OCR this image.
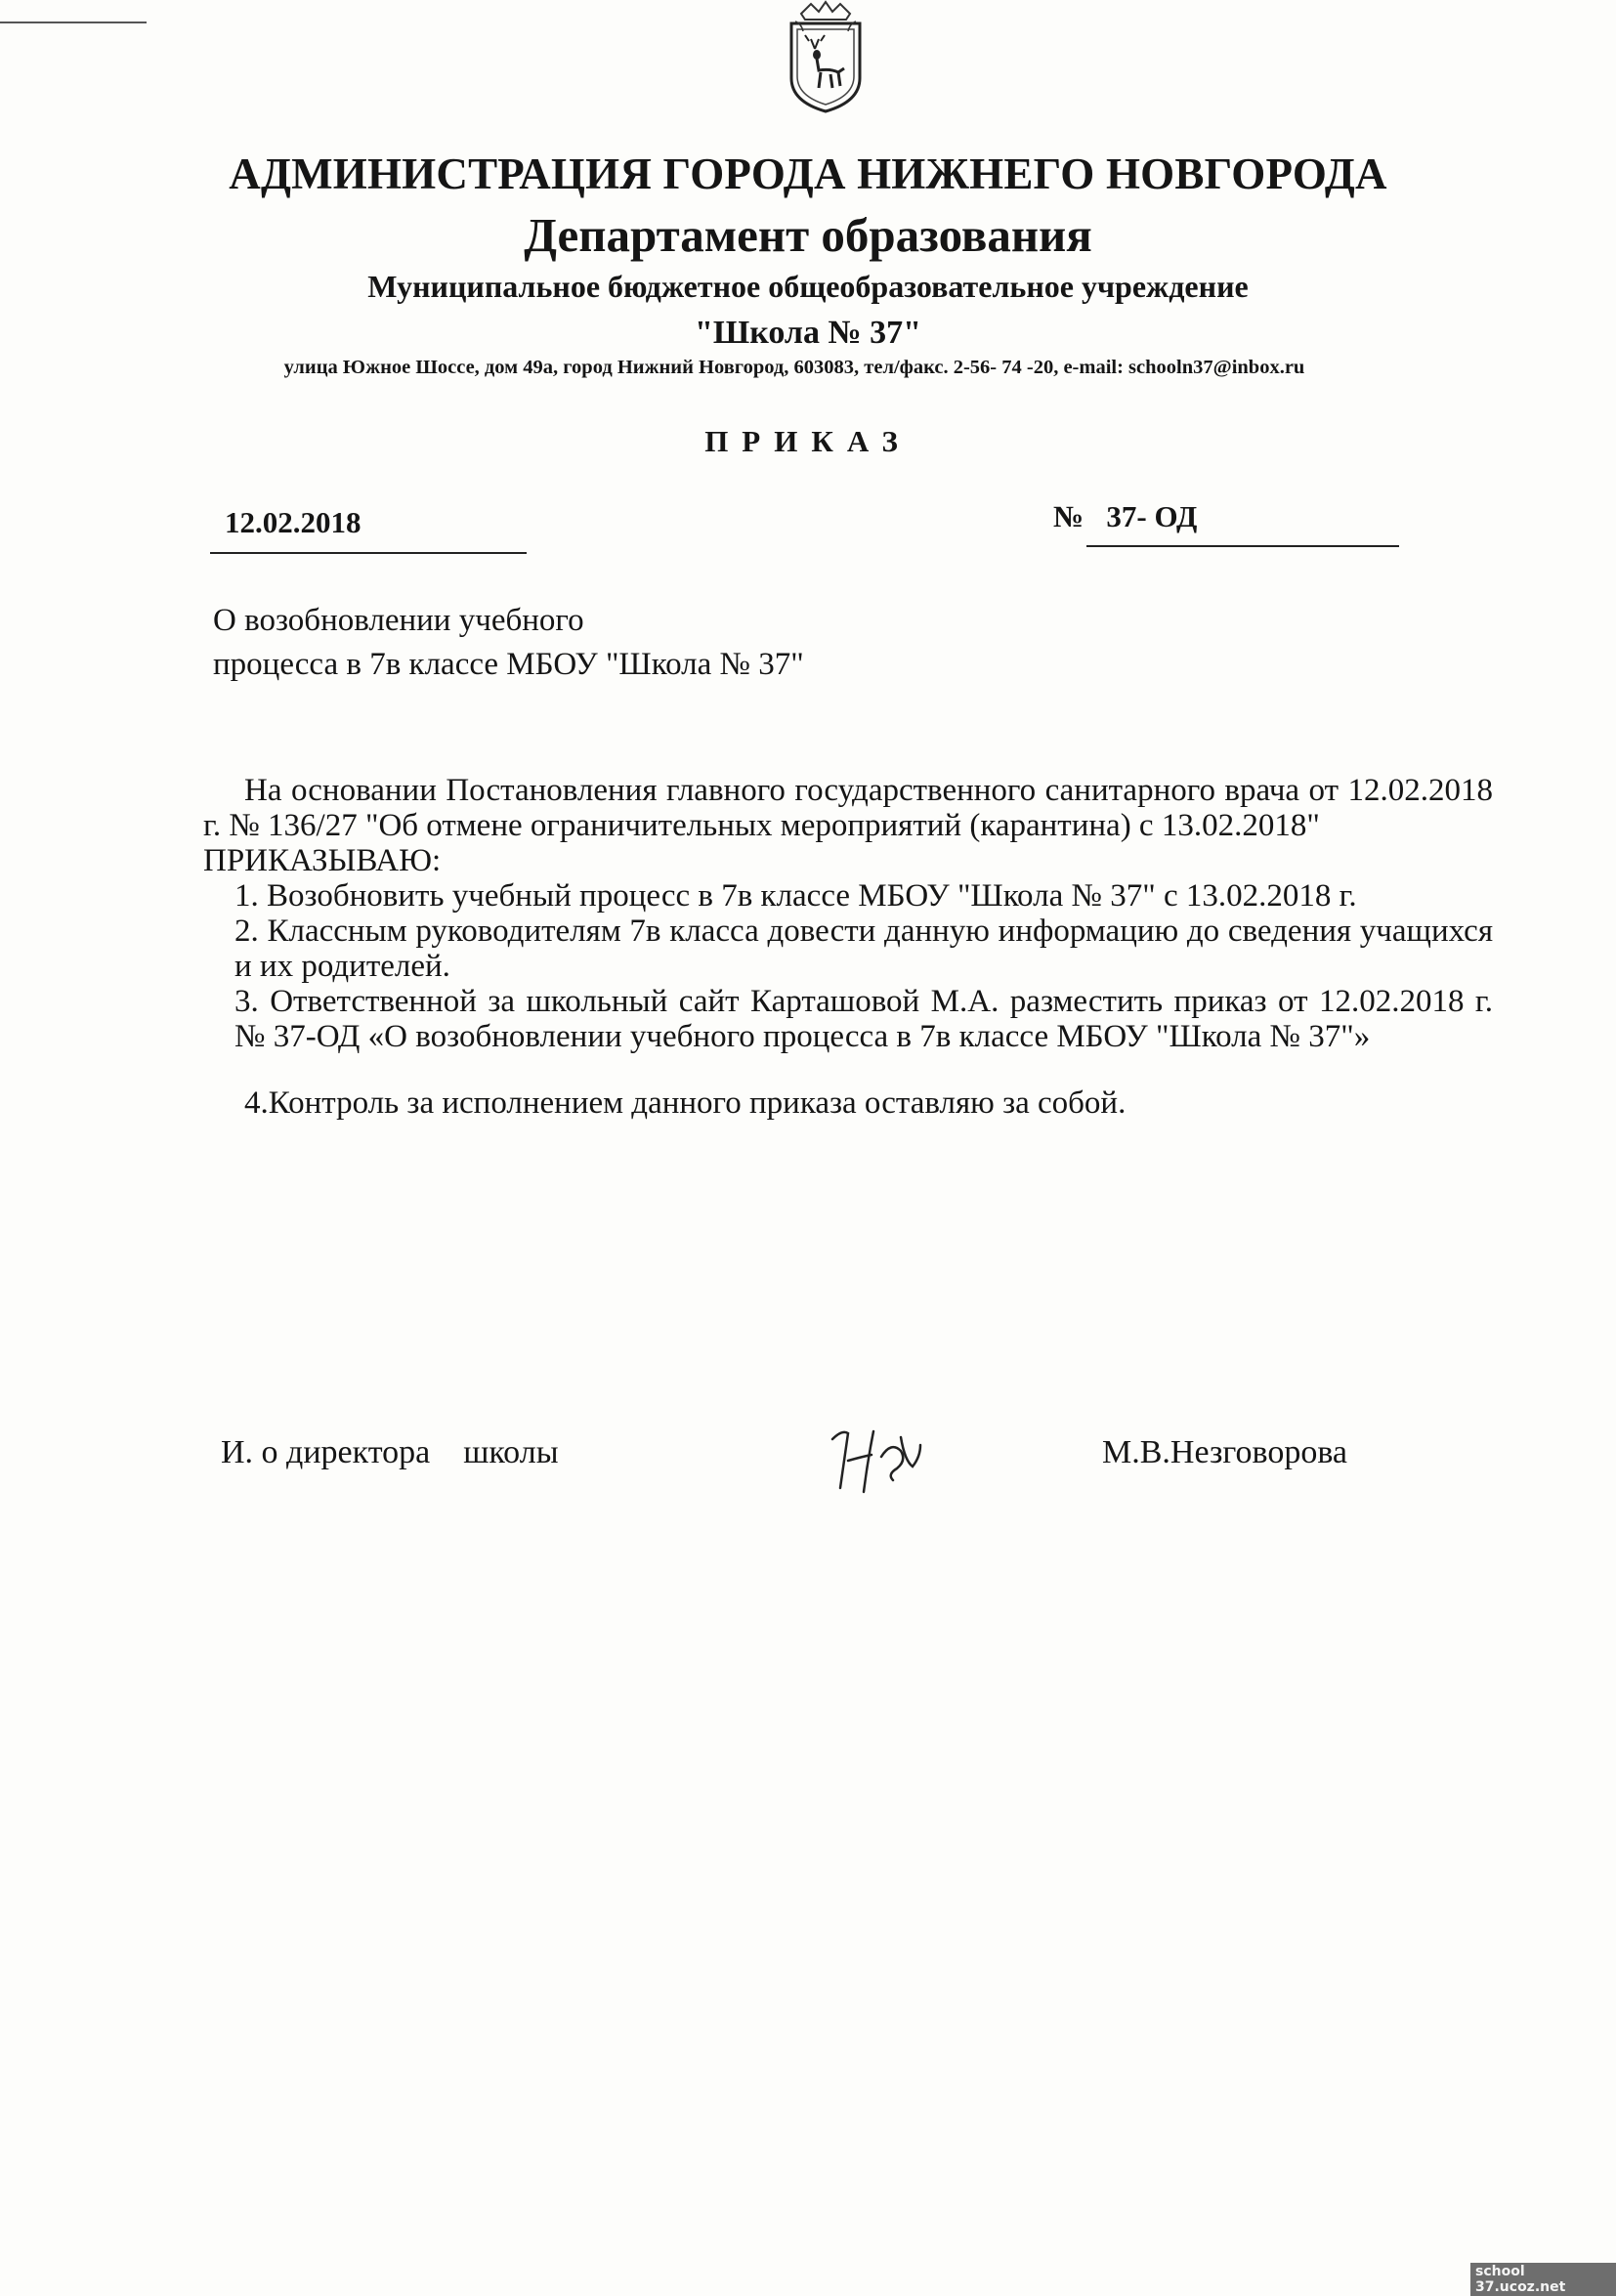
АДМИНИСТРАЦИЯ ГОРОДА НИЖНЕГО НОВГОРОДА
Департамент образования
Муниципальное бюджетное общеобразовательное учреждение
"Школа № 37"
улица Южное Шоссе, дом 49а, город Нижний Новгород, 603083, тел/факс. 2-56- 74 -20, e-mail: schooln37@inbox.ru
ПРИКАЗ
12.02.2018	№   37- ОД
О возобновлении учебного
процесса в 7в классе МБОУ "Школа № 37"

На основании Постановления главного государственного санитарного врача от 12.02.2018 г. № 136/27 "Об отмене ограничительных мероприятий (карантина) с 13.02.2018"

ПРИКАЗЫВАЮ:

1. Возобновить учебный процесс в 7в классе МБОУ "Школа № 37" с 13.02.2018 г.

2. Классным руководителям 7в класса довести данную информацию до сведения учащихся и их родителей.

3. Ответственной за школьный сайт Карташовой М.А. разместить приказ от 12.02.2018 г. № 37-ОД «О возобновлении учебного процесса в 7в классе МБОУ "Школа № 37"»

4.Контроль за исполнением данного приказа оставляю за собой.

И. о директора    школы	М.В.Незговорова
school 37.ucoz.net
